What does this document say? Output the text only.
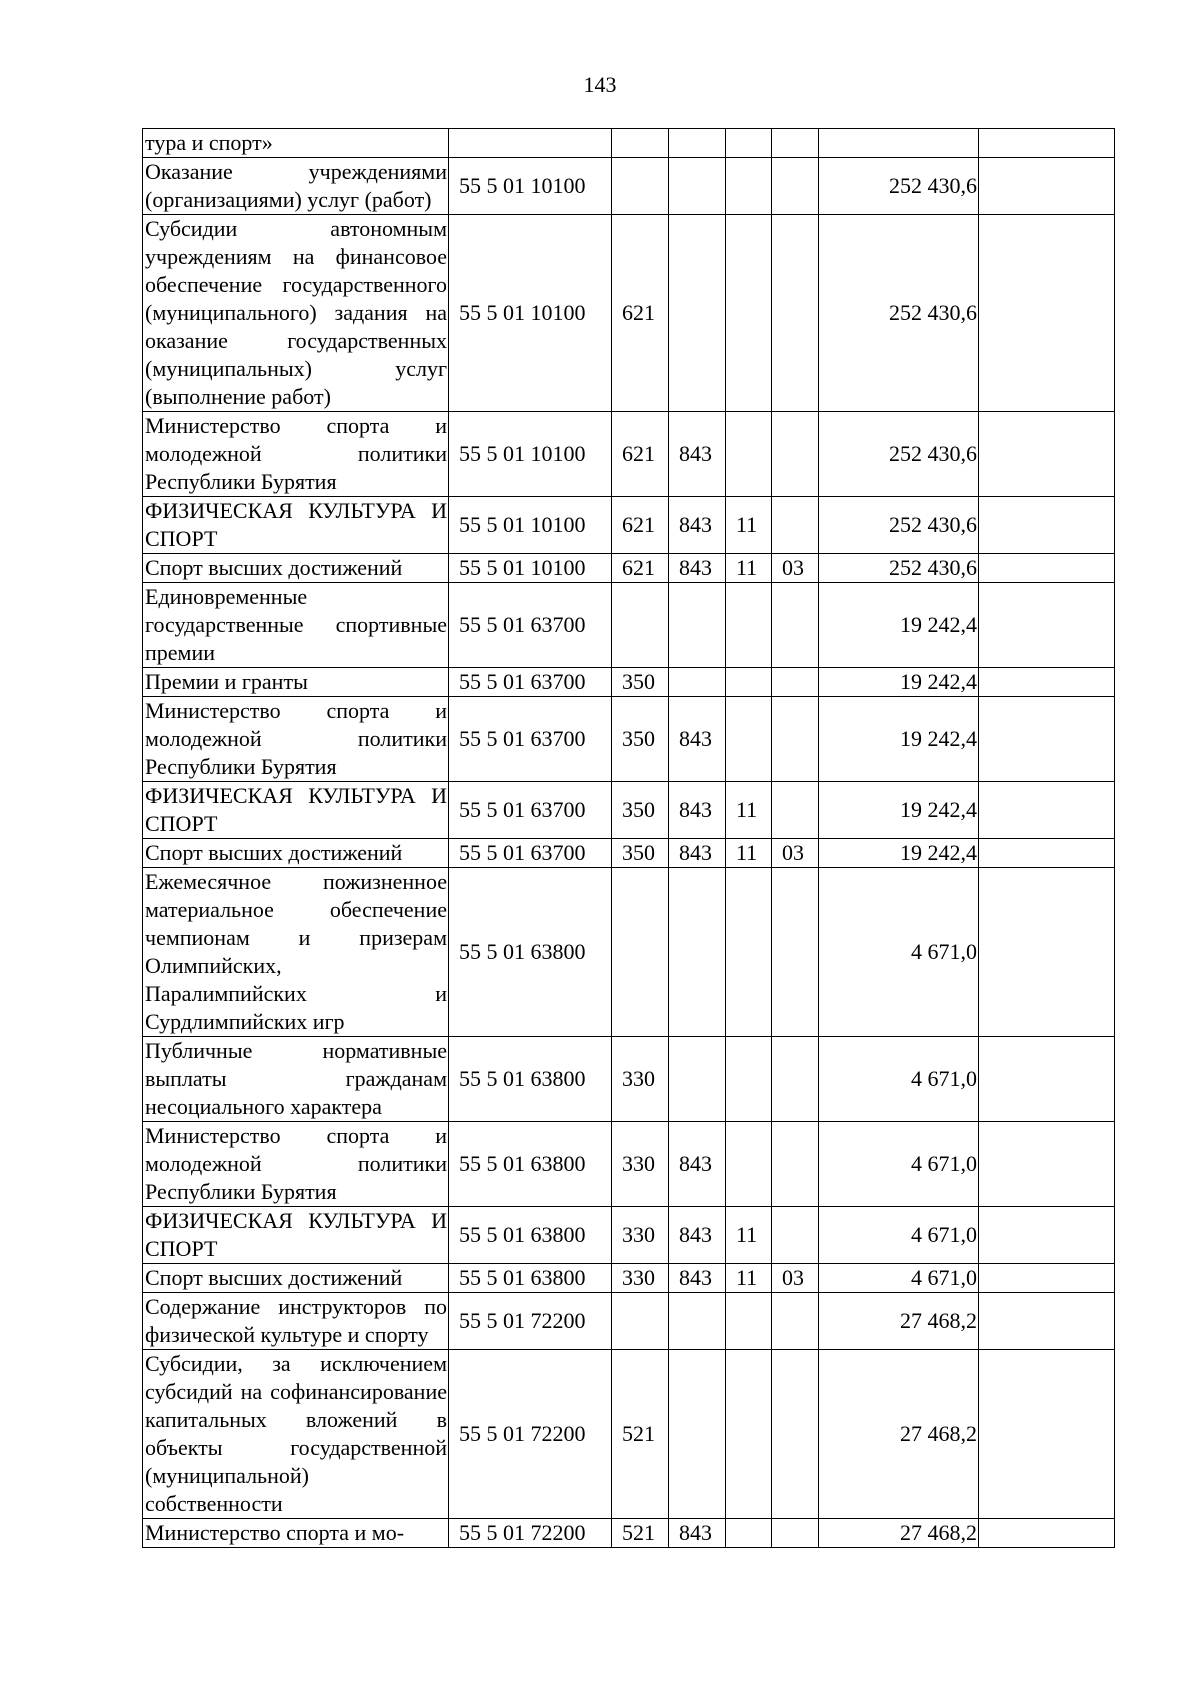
143
тура и спорт»							
Оказание учреждениями (организациями) услуг (работ)	55 5 01 10100					252 430,6	
Субсидии автономным учреждениям на финансовое обеспечение государственного (муниципального) задания на оказание государственных (муниципальных) услуг (выполнение работ)	55 5 01 10100	621				252 430,6	
Министерство спорта и молодежной политики Республики Бурятия	55 5 01 10100	621	843			252 430,6	
ФИЗИЧЕСКАЯ КУЛЬТУРА И СПОРТ	55 5 01 10100	621	843	11		252 430,6	
Спорт высших достижений	55 5 01 10100	621	843	11	03	252 430,6	
Единовременные государственные спортивные премии	55 5 01 63700					19 242,4	
Премии и гранты	55 5 01 63700	350				19 242,4	
Министерство спорта и молодежной политики Республики Бурятия	55 5 01 63700	350	843			19 242,4	
ФИЗИЧЕСКАЯ КУЛЬТУРА И СПОРТ	55 5 01 63700	350	843	11		19 242,4	
Спорт высших достижений	55 5 01 63700	350	843	11	03	19 242,4	
Ежемесячное пожизненное материальное обеспечение чемпионам и призерам Олимпийских, Паралимпийских и Сурдлимпийских игр	55 5 01 63800					4 671,0	
Публичные нормативные выплаты гражданам несоциального характера	55 5 01 63800	330				4 671,0	
Министерство спорта и молодежной политики Республики Бурятия	55 5 01 63800	330	843			4 671,0	
ФИЗИЧЕСКАЯ КУЛЬТУРА И СПОРТ	55 5 01 63800	330	843	11		4 671,0	
Спорт высших достижений	55 5 01 63800	330	843	11	03	4 671,0	
Содержание инструкторов по физической культуре и спорту	55 5 01 72200					27 468,2	
Субсидии, за исключением субсидий на софинансирование капитальных вложений в объекты государственной (муниципальной) собственности	55 5 01 72200	521				27 468,2	
Министерство спорта и мо-	55 5 01 72200	521	843			27 468,2	
